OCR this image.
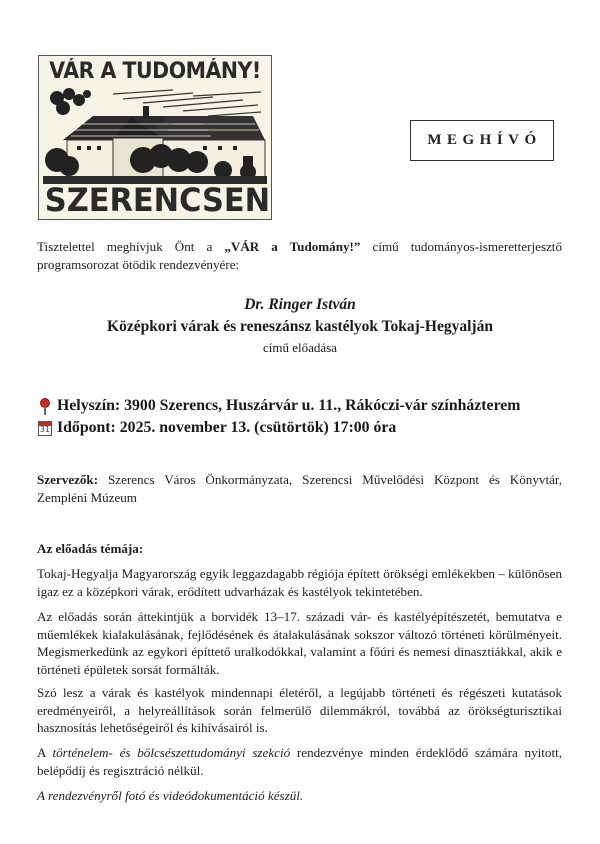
VÁR A TUDOMÁNY!
SZERENCSEN
MEGHÍVÓ
Tisztelettel meghívjuk Önt a „VÁR a Tudomány!” című tudományos-ismeretterjesztő programsorozat ötödik rendezvényére:
Dr. Ringer István
Középkori várak és reneszánsz kastélyok Tokaj-Hegyalján
című előadása
Helyszín: 3900 Szerencs, Huszárvár u. 11., Rákóczi-vár színházterem
31 Időpont: 2025. november 13. (csütörtök) 17:00 óra
Szervezők: Szerencs Város Önkormányzata, Szerencsi Művelődési Központ és Könyvtár, Zempléni Múzeum
Az előadás témája:
Tokaj-Hegyalja Magyarország egyik leggazdagabb régiója épített örökségi emlékekben – különösen igaz ez a középkori várak, erődített udvarházak és kastélyok tekintetében.
Az előadás során áttekintjük a borvidék 13–17. századi vár- és kastélyépítészetét, bemutatva e műemlékek kialakulásának, fejlődésének és átalakulásának sokszor változó történeti körülményeit. Megismerkedünk az egykori építtető uralkodókkal, valamint a főúri és nemesi dinasztiákkal, akik e történeti épületek sorsát formálták.
Szó lesz a várak és kastélyok mindennapi életéről, a legújabb történeti és régészeti kutatások eredményeiről, a helyreállítások során felmerülő dilemmákról, továbbá az örökségturisztikai hasznosítás lehetőségeiről és kihívásairól is.
A történelem- és bölcsészettudományi szekció rendezvénye minden érdeklődő számára nyitott, belépődíj és regisztráció nélkül.
A rendezvényről fotó és videódokumentáció készül.
